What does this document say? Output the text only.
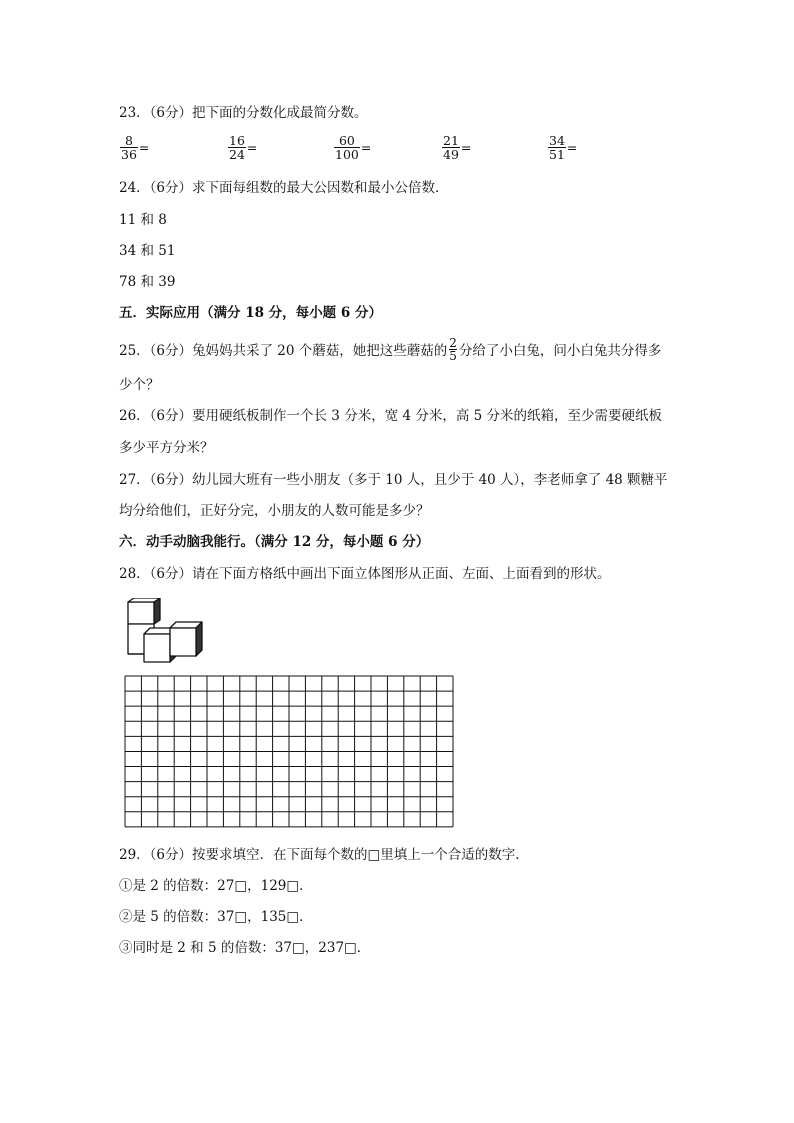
23．（6分）把下面的分数化成最简分数。
$\frac{8}{36}$ =	$\frac{16}{24}$ =	$\frac{60}{100}$ =	$\frac{21}{49}$ =	$\frac{34}{51}$ =
24．（6分）求下面每组数的最大公因数和最小公倍数．
11 和 8
34 和 51
78 和 39
五．实际应用（满分 18 分，每小题 6 分）
25．（6分）兔妈妈共采了 20 个蘑菇，她把这些蘑菇的 $\frac{2}{5}$ 分给了小白兔，问小白兔共分得多
少个？
26．（6分）要用硬纸板制作一个长 3 分米，宽 4 分米，高 5 分米的纸箱，至少需要硬纸板
多少平方分米？
27．（6分）幼儿园大班有一些小朋友（多于 10 人，且少于 40 人），李老师拿了 48 颗糖平
均分给他们，正好分完，小朋友的人数可能是多少？
六．动手动脑我能行。（满分 12 分，每小题 6 分）
28．（6分）请在下面方格纸中画出下面立体图形从正面、左面、上面看到的形状。
29．（6分）按要求填空．在下面每个数的□里填上一个合适的数字．
①是 2 的倍数：27□，129□．
②是 5 的倍数：37□，135□．
③同时是 2 和 5 的倍数：37□，237□．
